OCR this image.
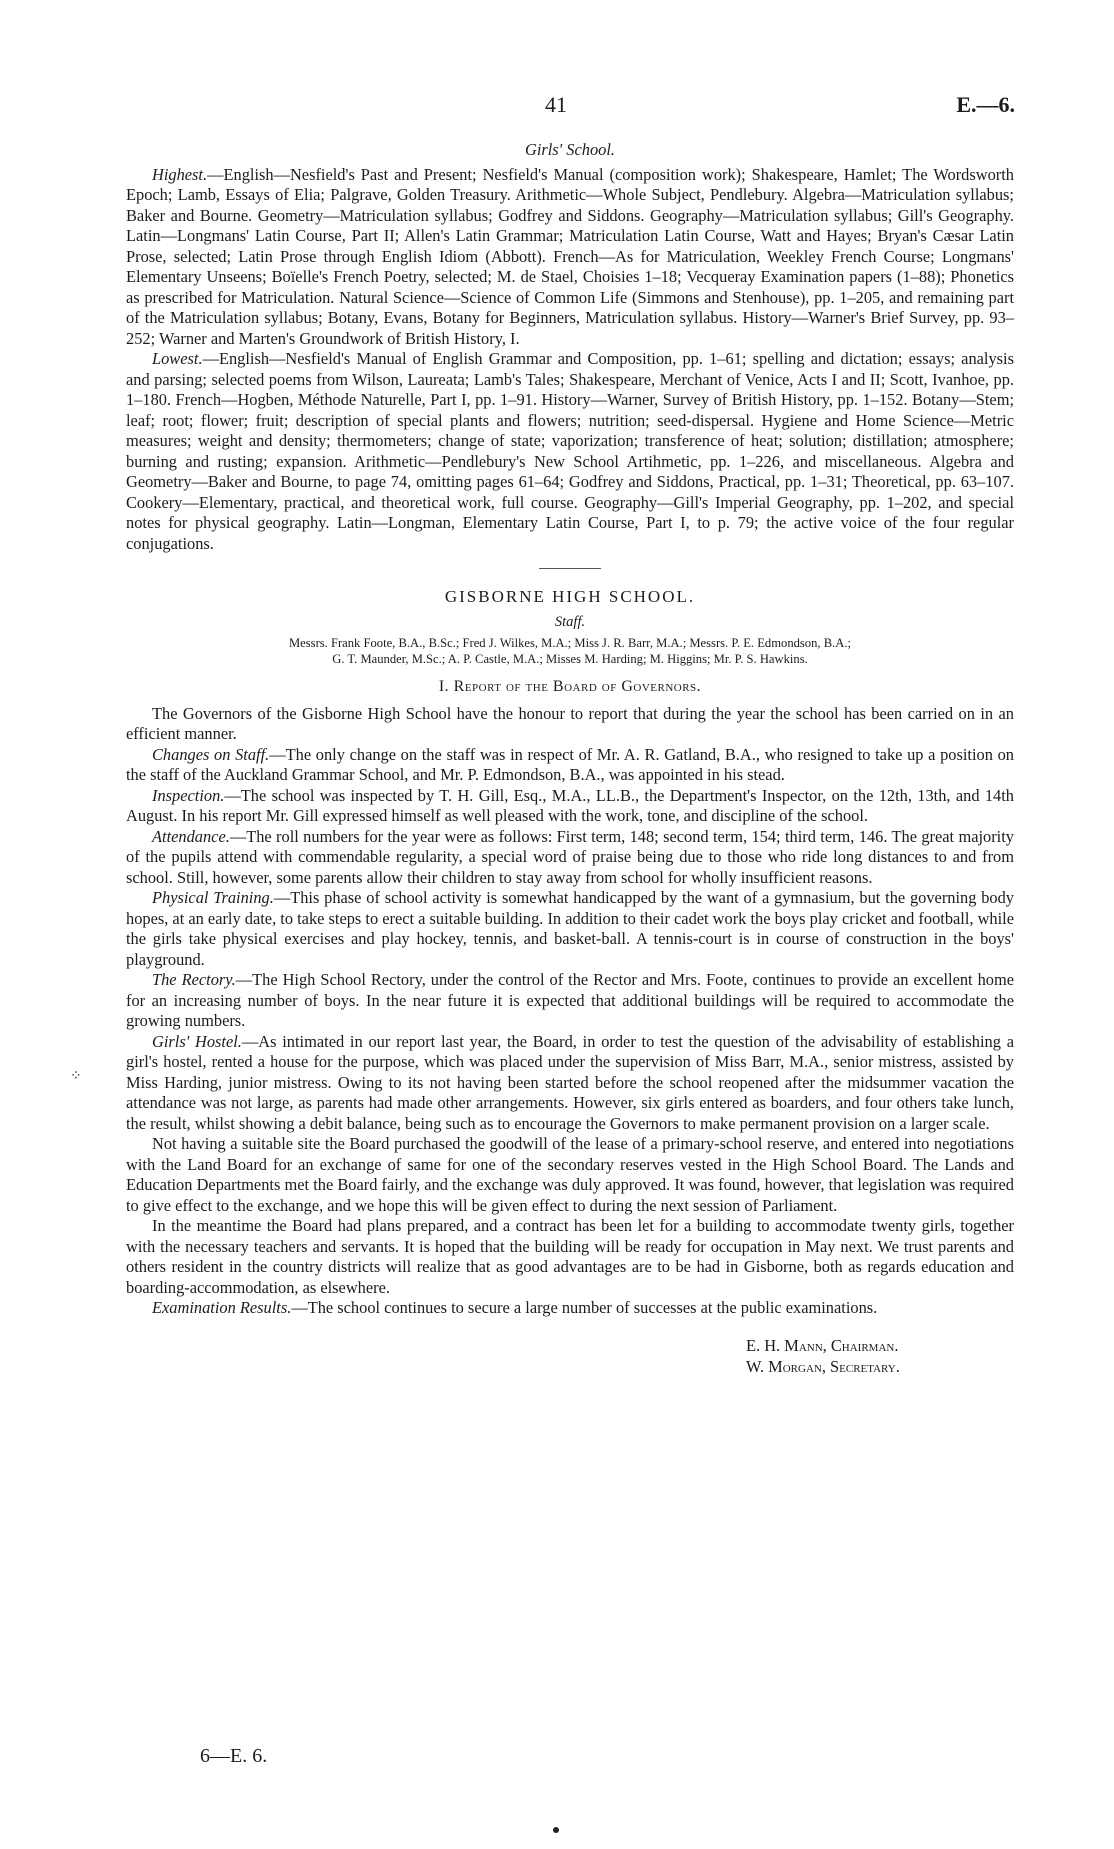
41	E.—6.
Girls' School.

Highest.—English—Nesfield's Past and Present; Nesfield's Manual (composition work); Shakespeare, Hamlet; The Wordsworth Epoch; Lamb, Essays of Elia; Palgrave, Golden Treasury. Arithmetic—Whole Subject, Pendlebury. Algebra—Matriculation syllabus; Baker and Bourne. Geometry—Matriculation syllabus; Godfrey and Siddons. Geography—Matriculation syllabus; Gill's Geography. Latin—Longmans' Latin Course, Part II; Allen's Latin Grammar; Matriculation Latin Course, Watt and Hayes; Bryan's Cæsar Latin Prose, selected; Latin Prose through English Idiom (Abbott). French—As for Matriculation, Weekley French Course; Longmans' Elementary Unseens; Boïelle's French Poetry, selected; M. de Stael, Choisies 1–18; Vecqueray Examination papers (1–88); Phonetics as prescribed for Matriculation. Natural Science—Science of Common Life (Simmons and Stenhouse), pp. 1–205, and remaining part of the Matriculation syllabus; Botany, Evans, Botany for Beginners, Matriculation syllabus. History—Warner's Brief Survey, pp. 93–252; Warner and Marten's Groundwork of British History, I.

Lowest.—English—Nesfield's Manual of English Grammar and Composition, pp. 1–61; spelling and dictation; essays; analysis and parsing; selected poems from Wilson, Laureata; Lamb's Tales; Shakespeare, Merchant of Venice, Acts I and II; Scott, Ivanhoe, pp. 1–180. French—Hogben, Méthode Naturelle, Part I, pp. 1–91. History—Warner, Survey of British History, pp. 1–152. Botany—Stem; leaf; root; flower; fruit; description of special plants and flowers; nutrition; seed-dispersal. Hygiene and Home Science—Metric measures; weight and density; thermometers; change of state; vaporization; transference of heat; solution; distillation; atmosphere; burning and rusting; expansion. Arithmetic—Pendlebury's New School Artihmetic, pp. 1–226, and miscellaneous. Algebra and Geometry—Baker and Bourne, to page 74, omitting pages 61–64; Godfrey and Siddons, Practical, pp. 1–31; Theoretical, pp. 63–107. Cookery—Elementary, practical, and theoretical work, full course. Geography—Gill's Imperial Geography, pp. 1–202, and special notes for physical geography. Latin—Longman, Elementary Latin Course, Part I, to p. 79; the active voice of the four regular conjugations.

GISBORNE HIGH SCHOOL.
Staff.
Messrs. Frank Foote, B.A., B.Sc.; Fred J. Wilkes, M.A.; Miss J. R. Barr, M.A.; Messrs. P. E. Edmondson, B.A.;
G. T. Maunder, M.Sc.; A. P. Castle, M.A.; Misses M. Harding; M. Higgins; Mr. P. S. Hawkins.
I. Report of the Board of Governors.

The Governors of the Gisborne High School have the honour to report that during the year the school has been carried on in an efficient manner.

Changes on Staff.—The only change on the staff was in respect of Mr. A. R. Gatland, B.A., who resigned to take up a position on the staff of the Auckland Grammar School, and Mr. P. Edmondson, B.A., was appointed in his stead.

Inspection.—The school was inspected by T. H. Gill, Esq., M.A., LL.B., the Department's Inspector, on the 12th, 13th, and 14th August. In his report Mr. Gill expressed himself as well pleased with the work, tone, and discipline of the school.

Attendance.—The roll numbers for the year were as follows: First term, 148; second term, 154; third term, 146. The great majority of the pupils attend with commendable regularity, a special word of praise being due to those who ride long distances to and from school. Still, however, some parents allow their children to stay away from school for wholly insufficient reasons.

Physical Training.—This phase of school activity is somewhat handicapped by the want of a gymnasium, but the governing body hopes, at an early date, to take steps to erect a suitable building. In addition to their cadet work the boys play cricket and football, while the girls take physical exercises and play hockey, tennis, and basket-ball. A tennis-court is in course of construction in the boys' playground.

The Rectory.—The High School Rectory, under the control of the Rector and Mrs. Foote, continues to provide an excellent home for an increasing number of boys. In the near future it is expected that additional buildings will be required to accommodate the growing numbers.

Girls' Hostel.—As intimated in our report last year, the Board, in order to test the question of the advisability of establishing a girl's hostel, rented a house for the purpose, which was placed under the supervision of Miss Barr, M.A., senior mistress, assisted by Miss Harding, junior mistress. Owing to its not having been started before the school reopened after the midsummer vacation the attendance was not large, as parents had made other arrangements. However, six girls entered as boarders, and four others take lunch, the result, whilst showing a debit balance, being such as to encourage the Governors to make permanent provision on a larger scale.

Not having a suitable site the Board purchased the goodwill of the lease of a primary-school reserve, and entered into negotiations with the Land Board for an exchange of same for one of the secondary reserves vested in the High School Board. The Lands and Education Departments met the Board fairly, and the exchange was duly approved. It was found, however, that legislation was required to give effect to the exchange, and we hope this will be given effect to during the next session of Parliament.

In the meantime the Board had plans prepared, and a contract has been let for a building to accommodate twenty girls, together with the necessary teachers and servants. It is hoped that the building will be ready for occupation in May next. We trust parents and others resident in the country districts will realize that as good advantages are to be had in Gisborne, both as regards education and boarding-accommodation, as elsewhere.

Examination Results.—The school continues to secure a large number of successes at the public examinations.

E. H. Mann, Chairman.
W. Morgan, Secretary.
⁘
6—E. 6.
